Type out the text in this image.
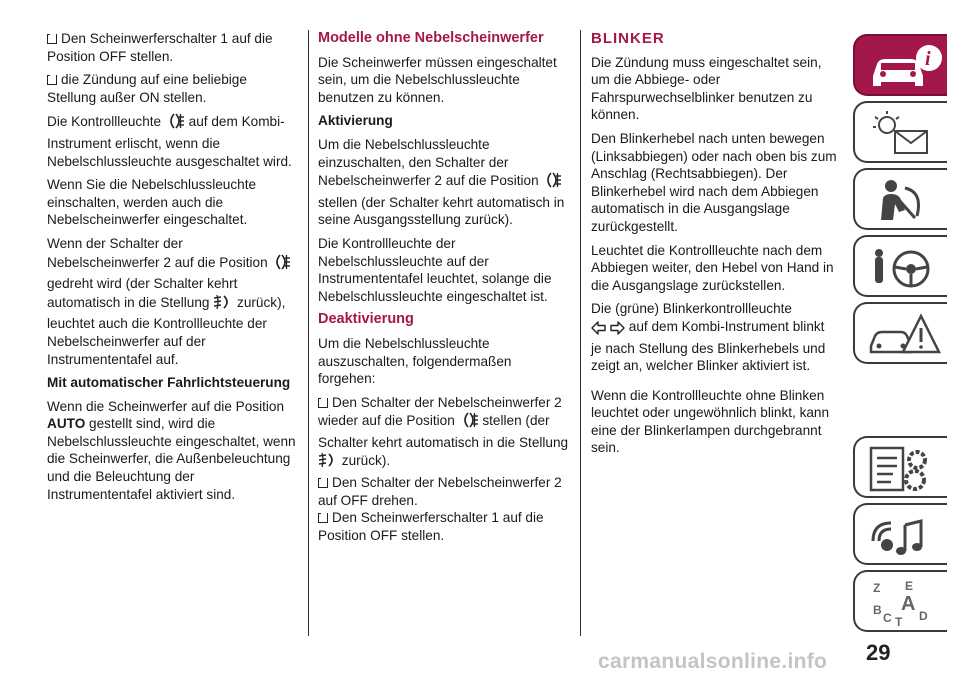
Den Scheinwerferschalter 1 auf die Position OFF stellen.

die Zündung auf eine beliebige Stellung außer ON stellen.

Die Kontrollleuchte auf dem Kombi-Instrument erlischt, wenn die Nebelschlussleuchte ausgeschaltet wird.

Wenn Sie die Nebelschlussleuchte einschalten, werden auch die Nebelscheinwerfer eingeschaltet.

Wenn der Schalter der Nebelscheinwerfer 2 auf die Position  gedreht wird (der Schalter kehrt automatisch in die Stellung zurück), leuchtet auch die Kontrollleuchte der Nebelscheinwerfer auf der Instrumententafel auf.

Mit automatischer Fahrlichtsteuerung

Wenn die Scheinwerfer auf die Position AUTO gestellt sind, wird die Nebelschlussleuchte eingeschaltet, wenn die Scheinwerfer, die Außenbeleuchtung und die Beleuchtung der Instrumententafel aktiviert sind.

Modelle ohne Nebelscheinwerfer

Die Scheinwerfer müssen eingeschaltet sein, um die Nebelschlussleuchte benutzen zu können.

Aktivierung

Um die Nebelschlussleuchte einzuschalten, den Schalter der Nebelscheinwerfer 2 auf die Position  stellen (der Schalter kehrt automatisch in seine Ausgangsstellung zurück).

Die Kontrollleuchte der Nebelschlussleuchte auf der Instrumententafel leuchtet, solange die Nebelschlussleuchte eingeschaltet ist.

Deaktivierung

Um die Nebelschlussleuchte auszuschalten, folgendermaßen forgehen:

Den Schalter der Nebelscheinwerfer 2 wieder auf die Position stellen (der Schalter kehrt automatisch in die Stellung  zurück).

Den Schalter der Nebelscheinwerfer 2 auf OFF drehen.

Den Scheinwerferschalter 1 auf die Position OFF stellen.

BLINKER

Die Zündung muss eingeschaltet sein, um die Abbiege- oder Fahrspurwechselblinker benutzen zu können.

Den Blinkerhebel nach unten bewegen (Linksabbiegen) oder nach oben bis zum Anschlag (Rechtsabbiegen). Der Blinkerhebel wird nach dem Abbiegen automatisch in die Ausgangslage zurückgestellt.

Leuchtet die Kontrollleuchte nach dem Abbiegen weiter, den Hebel von Hand in die Ausgangslage zurückstellen.

Die (grüne) Blinkerkontrollleuchte
auf dem Kombi-Instrument blinkt je nach Stellung des Blinkerhebels und zeigt an, welcher Blinker aktiviert ist.

Wenn die Kontrollleuchte ohne Blinken leuchtet oder ungewöhnlich blinkt, kann eine der Blinkerlampen durchgebrannt sein.

i
Z E
B A
C T D
29
carmanualsonline.info
